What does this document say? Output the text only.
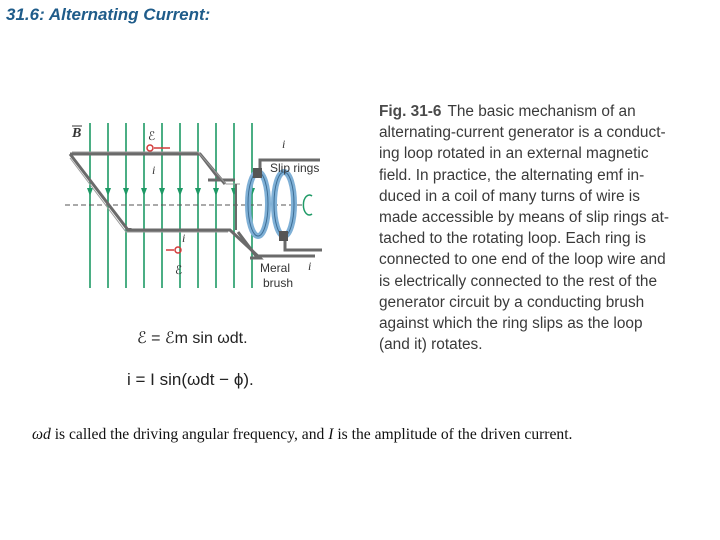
31.6: Alternating Current:
B	ℰ
i
i
Slip rings
i
ℰ	Meral
brush
i
Fig. 31-6 The basic mechanism of an
alternating-current generator is a conduct-
ing loop rotated in an external magnetic
field. In practice, the alternating emf in-
duced in a coil of many turns of wire is
made accessible by means of slip rings at-
tached to the rotating loop. Each ring is
connected to one end of the loop wire and
is electrically connected to the rest of the
generator circuit by a conducting brush
against which the ring slips as the loop
(and it) rotates.
ℰ = ℰm sin ωdt.
i = I sin(ωdt − ϕ).
ωd is called the driving angular frequency, and I is the amplitude of the driven current.
